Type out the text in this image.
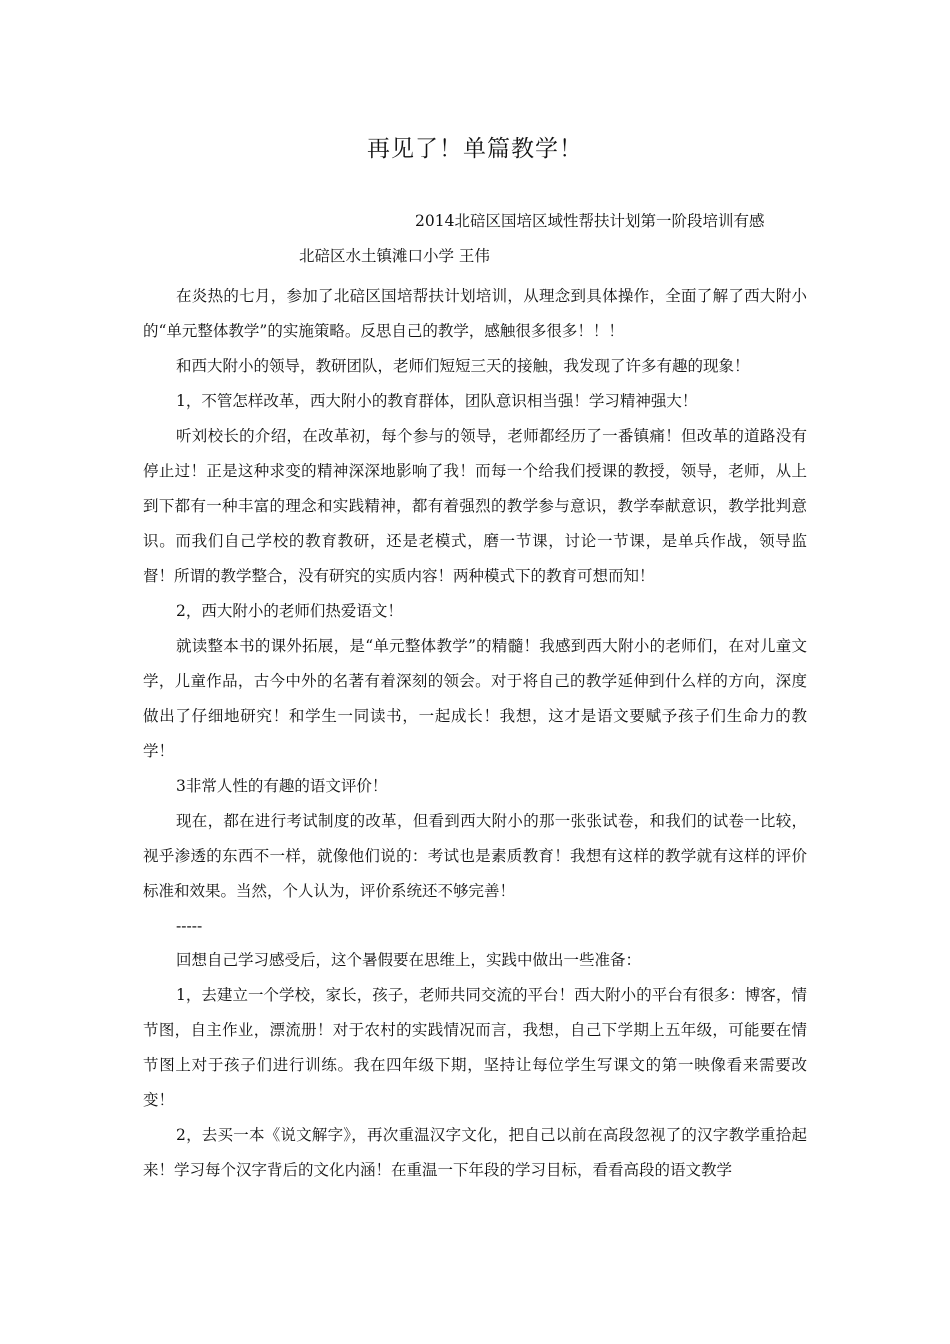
再见了！单篇教学！
2014北碚区国培区域性帮扶计划第一阶段培训有感
北碚区水土镇滩口小学 王伟

在炎热的七月，参加了北碚区国培帮扶计划培训，从理念到具体操作，全面了解了西大附小的“单元整体教学”的实施策略。反思自己的教学，感触很多很多！！！

和西大附小的领导，教研团队，老师们短短三天的接触，我发现了许多有趣的现象！

1，不管怎样改革，西大附小的教育群体，团队意识相当强！学习精神强大！

听刘校长的介绍，在改革初，每个参与的领导，老师都经历了一番镇痛！但改革的道路没有停止过！正是这种求变的精神深深地影响了我！而每一个给我们授课的教授，领导，老师，从上到下都有一种丰富的理念和实践精神，都有着强烈的教学参与意识，教学奉献意识，教学批判意识。而我们自己学校的教育教研，还是老模式，磨一节课，讨论一节课，是单兵作战，领导监督！所谓的教学整合，没有研究的实质内容！两种模式下的教育可想而知！

2，西大附小的老师们热爱语文！

就读整本书的课外拓展，是“单元整体教学”的精髓！我感到西大附小的老师们，在对儿童文学，儿童作品，古今中外的名著有着深刻的领会。对于将自己的教学延伸到什么样的方向，深度做出了仔细地研究！和学生一同读书，一起成长！我想，这才是语文要赋予孩子们生命力的教学！

3非常人性的有趣的语文评价！

现在，都在进行考试制度的改革，但看到西大附小的那一张张试卷，和我们的试卷一比较，视乎渗透的东西不一样，就像他们说的：考试也是素质教育！我想有这样的教学就有这样的评价标准和效果。当然，个人认为，评价系统还不够完善！

-----

回想自己学习感受后，这个暑假要在思维上，实践中做出一些准备：

1，去建立一个学校，家长，孩子，老师共同交流的平台！西大附小的平台有很多：博客，情节图，自主作业，漂流册！对于农村的实践情况而言，我想，自己下学期上五年级，可能要在情节图上对于孩子们进行训练。我在四年级下期，坚持让每位学生写课文的第一映像看来需要改变！

2，去买一本《说文解字》，再次重温汉字文化，把自己以前在高段忽视了的汉字教学重拾起来！学习每个汉字背后的文化内涵！在重温一下年段的学习目标，看看高段的语文教学
